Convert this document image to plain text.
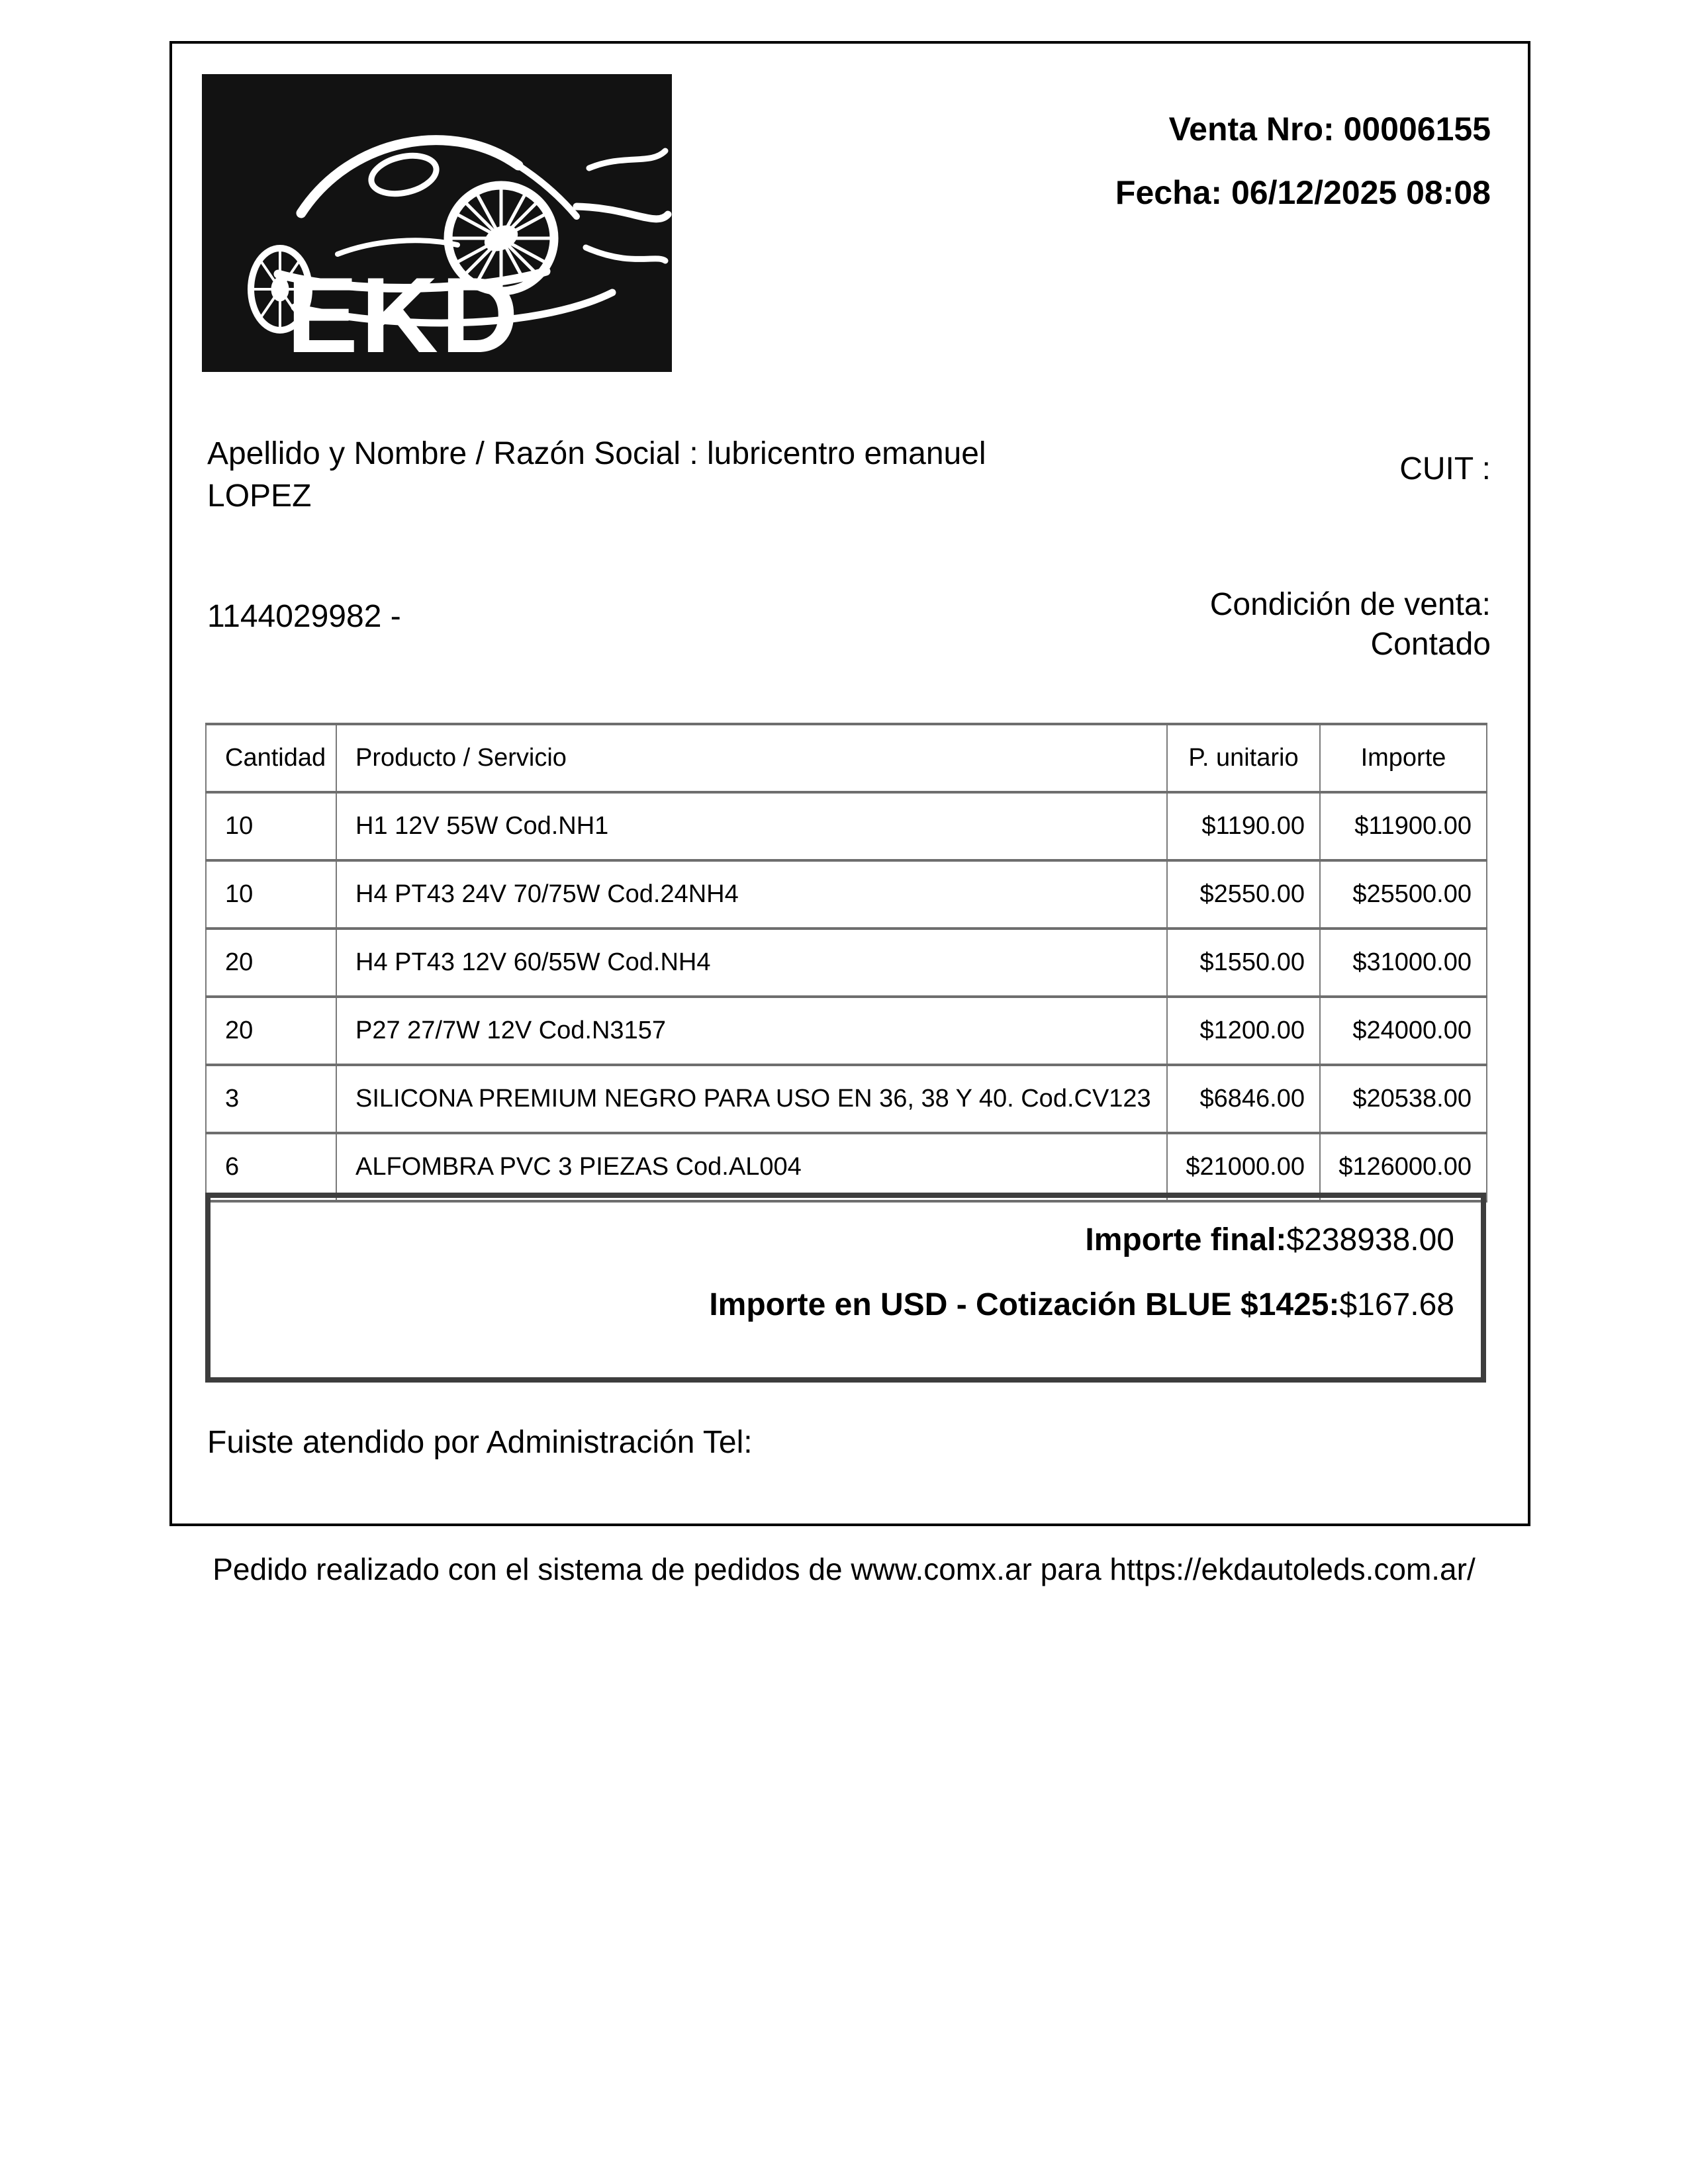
EKD
Venta Nro: 00006155
Fecha: 06/12/2025 08:08
Apellido y Nombre / Razón Social : lubricentro emanuel LOPEZ
CUIT :
1144029982 -	Condición de venta:
Contado
Cantidad	Producto / Servicio	P. unitario	Importe
10	H1 12V 55W Cod.NH1	$1190.00	$11900.00
10	H4 PT43 24V 70/75W Cod.24NH4	$2550.00	$25500.00
20	H4 PT43 12V 60/55W Cod.NH4	$1550.00	$31000.00
20	P27 27/7W 12V Cod.N3157	$1200.00	$24000.00
3	SILICONA PREMIUM NEGRO PARA USO EN 36, 38 Y 40. Cod.CV123	$6846.00	$20538.00
6	ALFOMBRA PVC 3 PIEZAS Cod.AL004	$21000.00	$126000.00
Importe final:$238938.00
Importe en USD - Cotización BLUE $1425:$167.68
Fuiste atendido por Administración Tel:
Pedido realizado con el sistema de pedidos de www.comx.ar para https://ekdautoleds.com.ar/
